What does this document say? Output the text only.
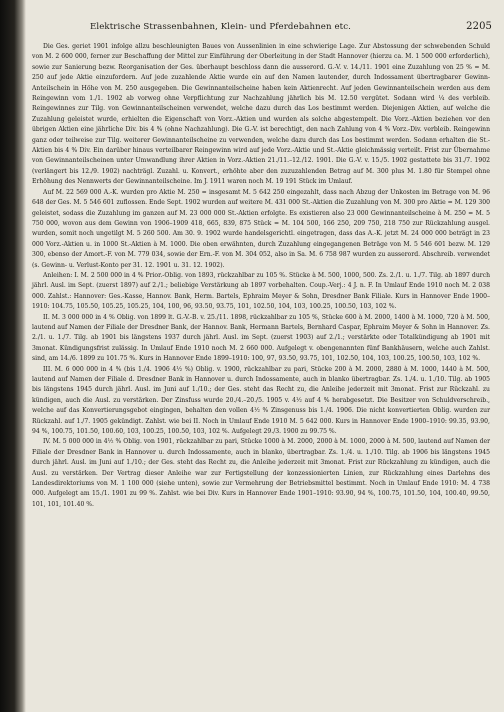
Elektrische Strassenbahnen, Klein- und Pferdebahnen etc.	2205

Die Ges. geriet 1901 infolge allzu beschleunigten Baues von Aussenlinien in eine schwierige Lage. Zur Abstossung der schwebenden Schuld von M. 2 600 000, ferner zur Beschaffung der Mittel zur Einführung der Oberleitung in der Stadt Hannover (hierzu ca. M. 1 500 000 erforderlich), sowie zur Sanierung bezw. Reorganisation der Ges. überhaupt beschloss dann die ausserord. G.-V. v. 14./11. 1901 eine Zuzahlung von 25 % = M. 250 auf jede Aktie einzufordern. Auf jede zuzahlende Aktie wurde ein auf den Namen lautender, durch Indossament übertragbarer Gewinn-Anteilschein in Höhe von M. 250 ausgegeben. Die Gewinnanteilscheine haben kein Aktienrecht. Auf jeden Gewinnanteilschein werden aus dem Reingewinn vom 1./1. 1902 ab vorweg ohne Verpflichtung zur Nachzahlung jährlich bis M. 12.50 vergütet. Sodann wird ¼ des verbleib. Reingewinnes zur Tilg. von Gewinnanteilscheinen verwendet, welche dazu durch das Los bestimmt werden. Diejenigen Aktien, auf welche die Zuzahlung geleistet wurde, erhielten die Eigenschaft von Vorz.-Aktien und wurden als solche abgestempelt. Die Vorz.-Aktien beziehen vor den übrigen Aktien eine jährliche Div. bis 4 % (ohne Nachzahlung). Die G.-V. ist berechtigt, den nach Zahlung von 4 % Vorz.-Div. verbleib. Reingewinn ganz oder teilweise zur Tilg. weiterer Gewinnanteilscheine zu verwenden, welche dazu durch das Los bestimmt werden. Sodann erhalten die St.-Aktien bis 4 % Div. Ein darüber hinaus verteilbarer Reingewinn wird auf jede Vorz.-Aktie und St.-Aktie gleichmässig verteilt. Frist zur Übernahme von Gewinnanteilscheinen unter Umwandlung ihrer Aktien in Vorz.-Aktien 21./11.–12./12. 1901. Die G.-V. v. 15./5. 1902 gestattete bis 31./7. 1902 (verlängert bis 12./9. 1902) nachträgl. Zuzahl. u. Konvert., erhöhte aber den zuzuzahlenden Betrag auf M. 300 plus M. 1.80 für Stempel ohne Erhöhung des Nennwerts der Gewinnanteilscheine. Im J. 1911 waren noch M. 19 191 Stück im Umlauf.

Auf M. 22 569 000 A.-K. wurden pro Aktie M. 250 = insgesamt M. 5 642 250 eingezahlt, dass nach Abzug der Unkosten im Betrage von M. 96 648 der Ges. M. 5 546 601 zuflossen. Ende Sept. 1902 wurden auf weitere M. 431 000 St.-Aktien die Zuzahlung von M. 300 pro Aktie = M. 129 300 geleistet, sodass die Zuzahlung im ganzen auf M. 23 000 000 St.-Aktien erfolgte. Es existieren also 23 000 Gewinnanteilscheine à M. 250 = M. 5 750 000, wovon aus dem Gewinn von 1906–1909 418, 665, 839, 875 Stück = M. 104 500, 166 250, 209 750, 218 750 zur Rückzahlung ausgel. wurden, somit noch ungetilgt M. 5 260 500. Am 30. 9. 1902 wurde handelsgerichtl. eingetragen, dass das A.-K. jetzt M. 24 000 000 beträgt in 23 000 Vorz.-Aktien u. in 1000 St.-Aktien à M. 1000. Die oben erwähnten, durch Zuzahlung eingegangenen Beträge von M. 5 546 601 bezw. M. 129 300, ebenso der Amort.-F. von M. 779 034, sowie der Ern.-F. von M. 304 052, also in Sa. M. 6 758 987 wurden zu ausserord. Abschreib. verwendet (s. Gewinn- u. Verlust-Konto per 31. 12. 1901 u. 31. 12. 1902).

Anleihen: I. M. 2 500 000 in 4 % Prior.-Oblig. von 1893, rückzahlbar zu 105 %. Stücke à M. 500, 1000, 500. Zs. 2./1. u. 1./7. Tilg. ab 1897 durch jährl. Ausl. im Sept. (zuerst 1897) auf 2./1.; beliebige Verstärkung ab 1897 vorbehalten. Coup.-Verj.: 4 J. n. F. In Umlauf Ende 1910 noch M. 2 038 000. Zahlst.: Hannover: Ges.-Kasse, Hannov. Bank, Herm. Bartels, Ephraim Meyer & Sohn, Dresdner Bank Filiale. Kurs in Hannover Ende 1900–1910: 104.75, 105.50, 105.25, 105.25, 104, 100, 96, 93.50, 93.75, 101, 102.50, 104, 103, 100.25, 100.50, 103, 102 %.

II. M. 3 000 000 in 4 % Oblig. von 1899 lt. G.-V.-B. v. 25./11. 1898, rückzahlbar zu 105 %, Stücke 600 à M. 2000, 1400 à M. 1000, 720 à M. 500, lautend auf Namen der Filiale der Dresdner Bank, der Hannov. Bank, Hermann Bartels, Bernhard Caspar, Ephraim Meyer & Sohn in Hannover. Zs. 2./1. u. 1./7. Tilg. ab 1901 bis längstens 1937 durch jährl. Ausl. im Sept. (zuerst 1903) auf 2./1.; verstärkte oder Totalkündigung ab 1901 mit 3monat. Kündigungsfrist zulässig. In Umlauf Ende 1910 noch M. 2 660 000. Aufgelegt v. obengenannten fünf Bankhäusern, welche auch Zahlst. sind, am 14./6. 1899 zu 101.75 %. Kurs in Hannover Ende 1899–1910: 100, 97, 93.50, 93.75, 101, 102.50, 104, 103, 100.25, 100.50, 103, 102 %.

III. M. 6 000 000 in 4 % (bis 1./4. 1906 4½ %) Oblig. v. 1900, rückzahlbar zu pari, Stücke 200 à M. 2000, 2880 à M. 1000, 1440 à M. 500, lautend auf Namen der Filiale d. Dresdner Bank in Hannover u. durch Indossamente, auch in blanko übertragbar. Zs. 1./4. u. 1./10. Tilg. ab 1905 bis längstens 1945 durch jährl. Ausl. im Juni auf 1./10.; der Ges. steht das Recht zu, die Anleihe jederzeit mit 3monat. Frist zur Rückzahl. zu kündigen, auch die Ausl. zu verstärken. Der Zinsfuss wurde 20./4.–20./5. 1905 v. 4½ auf 4 % herabgesetzt. Die Besitzer von Schuldverschreib., welche auf das Konvertierungsgebot eingingen, behalten den vollen 4½ % Zinsgenuss bis 1./4. 1906. Die nicht konvertierten Oblig. wurden zur Rückzahl. auf 1./7. 1905 gekündigt. Zahlst. wie bei II. Noch in Umlauf Ende 1910 M. 5 642 000. Kurs in Hannover Ende 1900–1910: 99.35, 93.90, 94 %, 100.75, 101.50, 100.60, 103, 100.25, 100.50, 103, 102 %. Aufgelegt 29./3. 1900 zu 99.75 %.

IV. M. 5 000 000 in 4½ % Oblig. von 1901, rückzahlbar zu pari, Stücke 1000 à M. 2000, 2000 à M. 1000, 2000 à M. 500, lautend auf Namen der Filiale der Dresdner Bank in Hannover u. durch Indossamente, auch in blanko, übertragbar. Zs. 1./4. u. 1./10. Tilg. ab 1906 bis längstens 1945 durch jährl. Ausl. im Juni auf 1./10.; der Ges. steht das Recht zu, die Anleihe jederzeit mit 3monat. Frist zur Rückzahlung zu kündigen, auch die Ausl. zu verstärken. Der Vertrag dieser Anleihe war zur Fertigstellung der konzessionierten Linien, zur Rückzahlung eines Darlehns des Landesdirektoriums von M. 1 100 000 (siehe unten), sowie zur Vermehrung der Betriebsmittel bestimmt. Noch in Umlauf Ende 1910: M. 4 738 000. Aufgelegt am 15./1. 1901 zu 99 %. Zahlst. wie bei Div. Kurs in Hannover Ende 1901–1910: 93.90, 94 %, 100.75, 101.50, 104, 100.40, 99.50, 101, 101, 101.40 %.
